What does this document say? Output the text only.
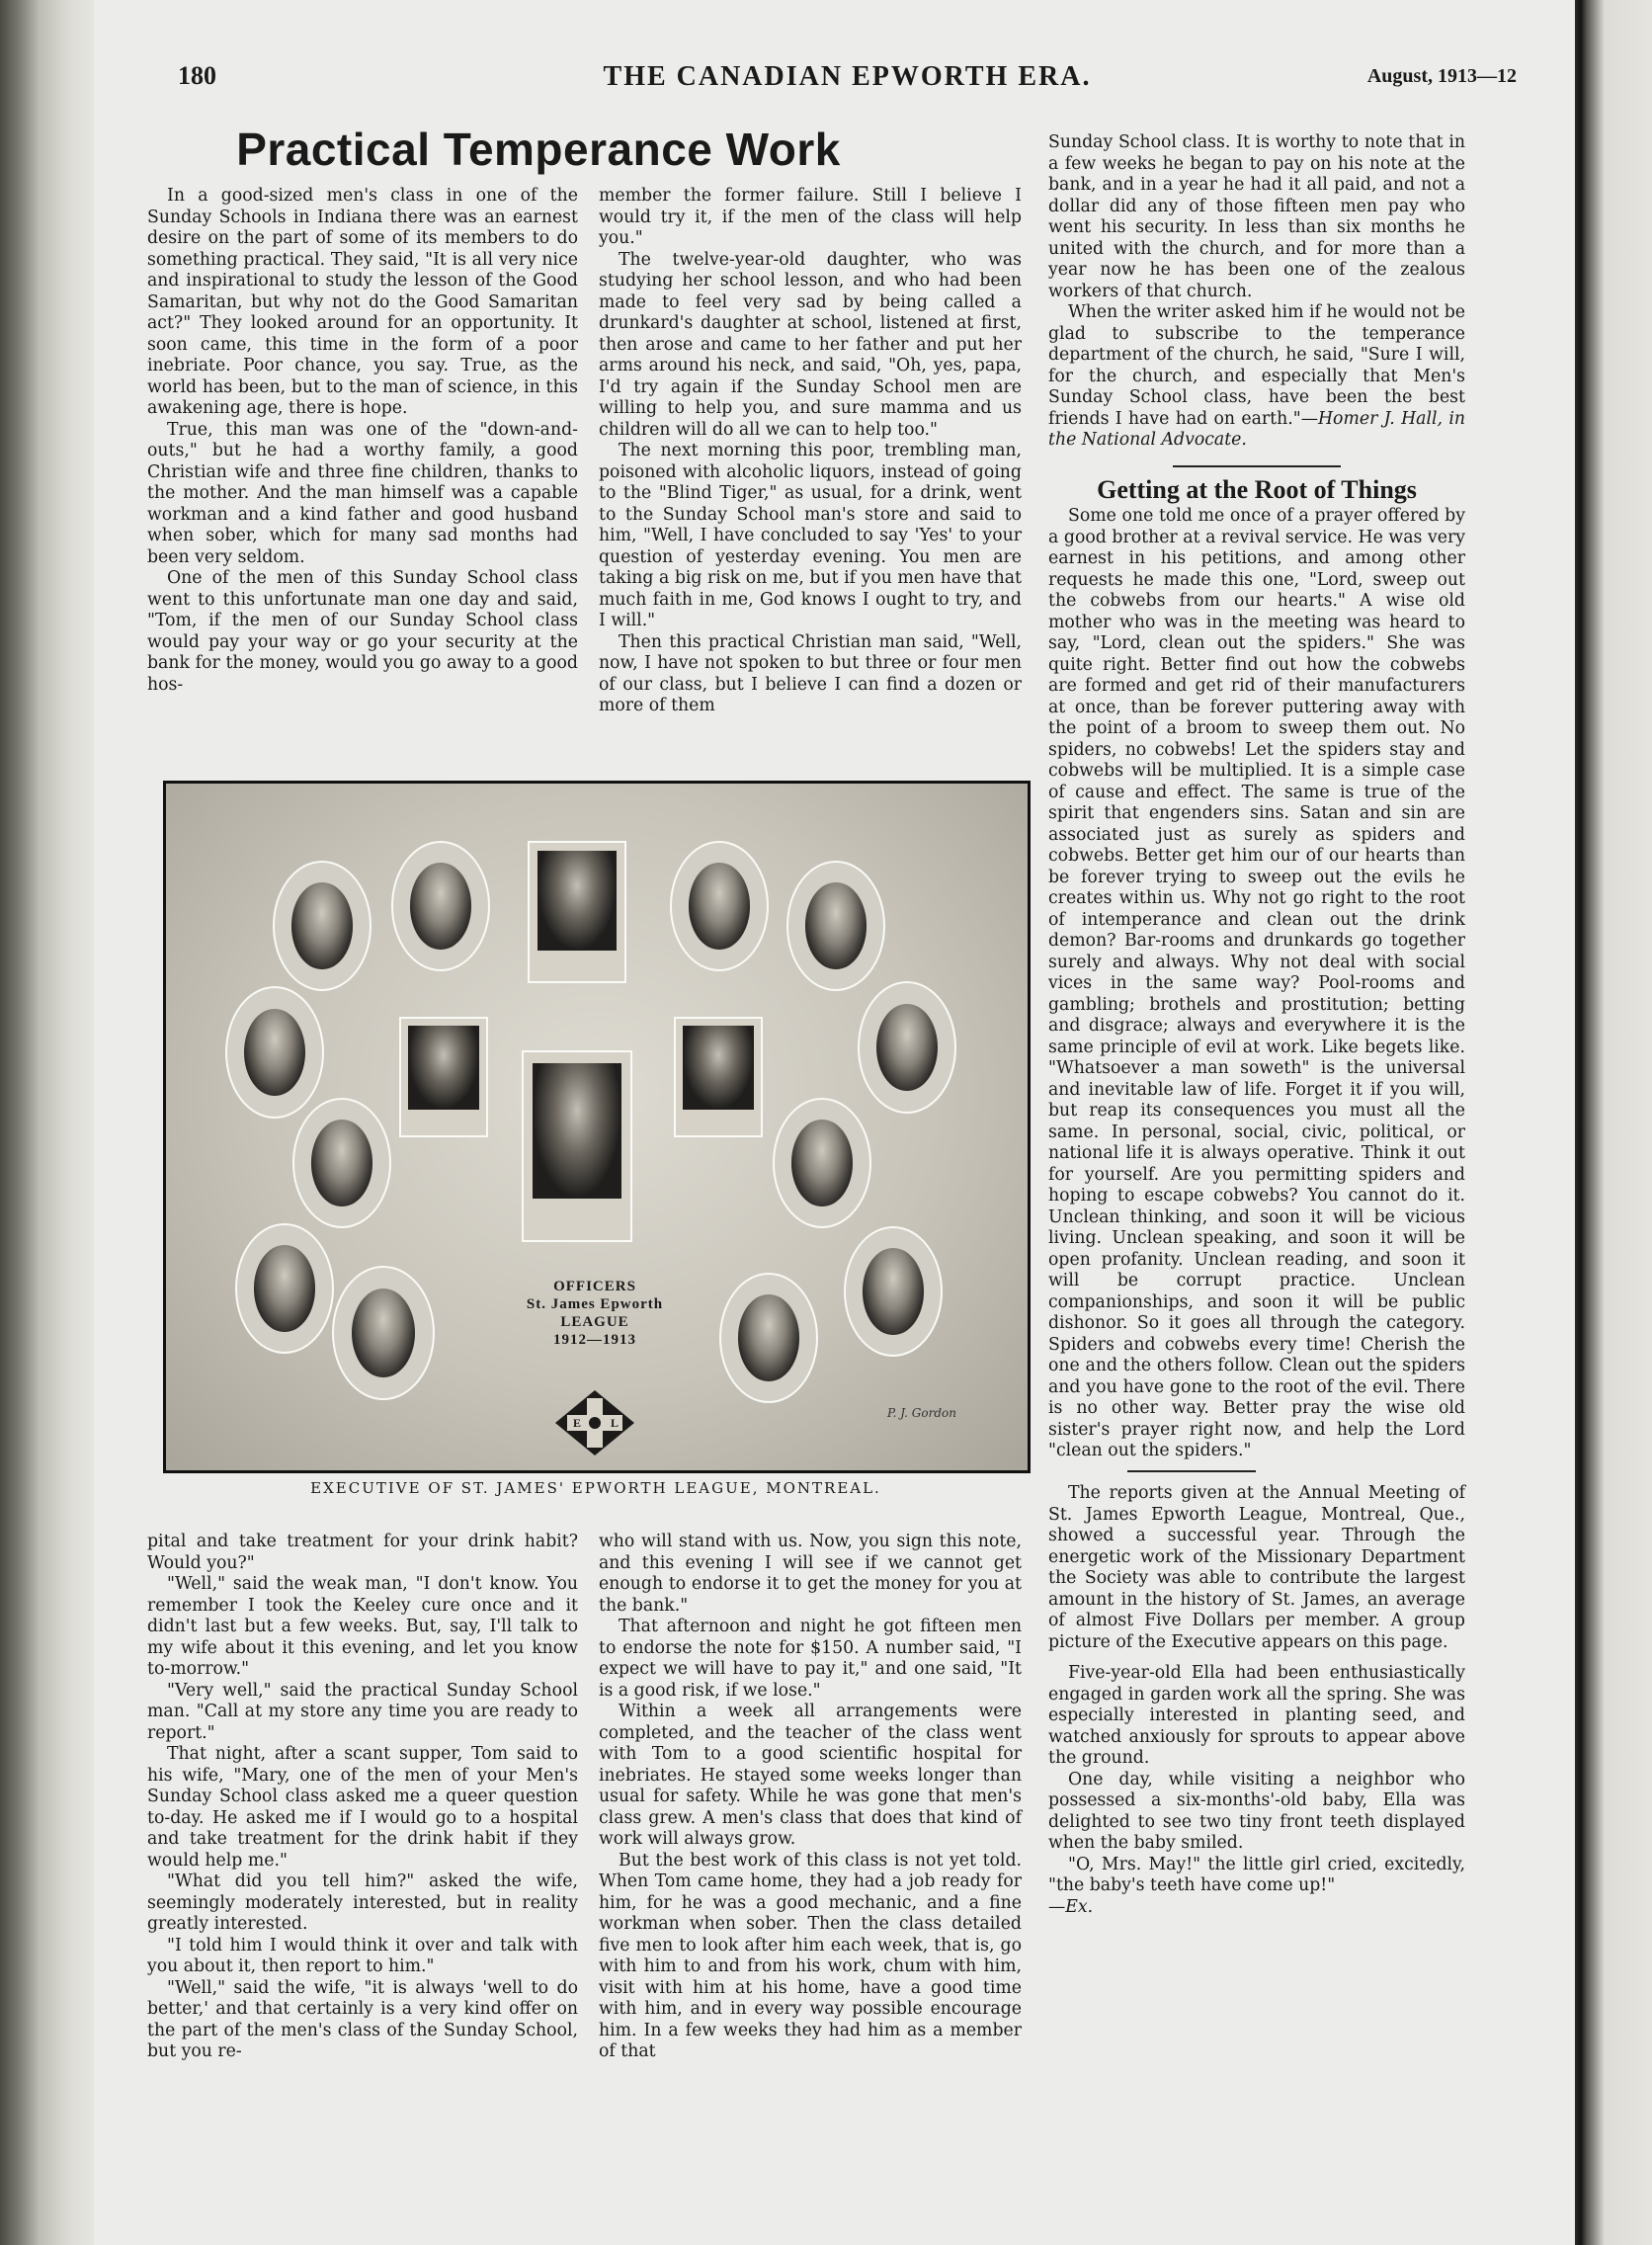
180	THE CANADIAN EPWORTH ERA.	August, 1913—12
Practical Temperance Work

In a good-sized men's class in one of the Sunday Schools in Indiana there was an earnest desire on the part of some of its members to do something practical. They said, "It is all very nice and inspirational to study the lesson of the Good Samaritan, but why not do the Good Samaritan act?" They looked around for an opportunity. It soon came, this time in the form of a poor inebriate. Poor chance, you say. True, as the world has been, but to the man of science, in this awakening age, there is hope.

True, this man was one of the "down-and-outs," but he had a worthy family, a good Christian wife and three fine children, thanks to the mother. And the man himself was a capable workman and a kind father and good husband when sober, which for many sad months had been very seldom.

One of the men of this Sunday School class went to this unfortunate man one day and said, "Tom, if the men of our Sunday School class would pay your way or go your security at the bank for the money, would you go away to a good hos-

member the former failure. Still I believe I would try it, if the men of the class will help you."

The twelve-year-old daughter, who was studying her school lesson, and who had been made to feel very sad by being called a drunkard's daughter at school, listened at first, then arose and came to her father and put her arms around his neck, and said, "Oh, yes, papa, I'd try again if the Sunday School men are willing to help you, and sure mamma and us children will do all we can to help too."

The next morning this poor, trembling man, poisoned with alcoholic liquors, instead of going to the "Blind Tiger," as usual, for a drink, went to the Sunday School man's store and said to him, "Well, I have concluded to say 'Yes' to your question of yesterday evening. You men are taking a big risk on me, but if you men have that much faith in me, God knows I ought to try, and I will."

Then this practical Christian man said, "Well, now, I have not spoken to but three or four men of our class, but I believe I can find a dozen or more of them

Sunday School class. It is worthy to note that in a few weeks he began to pay on his note at the bank, and in a year he had it all paid, and not a dollar did any of those fifteen men pay who went his security. In less than six months he united with the church, and for more than a year now he has been one of the zealous workers of that church.

When the writer asked him if he would not be glad to subscribe to the temperance department of the church, he said, "Sure I will, for the church, and especially that Men's Sunday School class, have been the best friends I have had on earth."—Homer J. Hall, in the National Advocate.

Getting at the Root of Things

Some one told me once of a prayer offered by a good brother at a revival service. He was very earnest in his petitions, and among other requests he made this one, "Lord, sweep out the cobwebs from our hearts." A wise old mother who was in the meeting was heard to say, "Lord, clean out the spiders." She was quite right. Better find out how the cobwebs are formed and get rid of their manufacturers at once, than be forever puttering away with the point of a broom to sweep them out. No spiders, no cobwebs! Let the spiders stay and cobwebs will be multiplied. It is a simple case of cause and effect. The same is true of the spirit that engenders sins. Satan and sin are associated just as surely as spiders and cobwebs. Better get him our of our hearts than be forever trying to sweep out the evils he creates within us. Why not go right to the root of intemperance and clean out the drink demon? Bar-rooms and drunkards go together surely and always. Why not deal with social vices in the same way? Pool-rooms and gambling; brothels and prostitution; betting and disgrace; always and everywhere it is the same principle of evil at work. Like begets like. "Whatsoever a man soweth" is the universal and inevitable law of life. Forget it if you will, but reap its consequences you must all the same. In personal, social, civic, political, or national life it is always operative. Think it out for yourself. Are you permitting spiders and hoping to escape cobwebs? You cannot do it. Unclean thinking, and soon it will be vicious living. Unclean speaking, and soon it will be open profanity. Unclean reading, and soon it will be corrupt practice. Unclean companionships, and soon it will be public dishonor. So it goes all through the category. Spiders and cobwebs every time! Cherish the one and the others follow. Clean out the spiders and you have gone to the root of the evil. There is no other way. Better pray the wise old sister's prayer right now, and help the Lord "clean out the spiders."

The reports given at the Annual Meeting of St. James Epworth League, Montreal, Que., showed a successful year. Through the energetic work of the Missionary Department the Society was able to contribute the largest amount in the history of St. James, an average of almost Five Dollars per member. A group picture of the Executive appears on this page.

Five-year-old Ella had been enthusiastically engaged in garden work all the spring. She was especially interested in planting seed, and watched anxiously for sprouts to appear above the ground.

One day, while visiting a neighbor who possessed a six-months'-old baby, Ella was delighted to see two tiny front teeth displayed when the baby smiled.

"O, Mrs. May!" the little girl cried, excitedly, "the baby's teeth have come up!"
—Ex.

OFFICERS
St. James Epworth
LEAGUE
1912—1913
E L
P. J. Gordon
EXECUTIVE OF ST. JAMES' EPWORTH LEAGUE, MONTREAL.

pital and take treatment for your drink habit? Would you?"

"Well," said the weak man, "I don't know. You remember I took the Keeley cure once and it didn't last but a few weeks. But, say, I'll talk to my wife about it this evening, and let you know to-morrow."

"Very well," said the practical Sunday School man. "Call at my store any time you are ready to report."

That night, after a scant supper, Tom said to his wife, "Mary, one of the men of your Men's Sunday School class asked me a queer question to-day. He asked me if I would go to a hospital and take treatment for the drink habit if they would help me."

"What did you tell him?" asked the wife, seemingly moderately interested, but in reality greatly interested.

"I told him I would think it over and talk with you about it, then report to him."

"Well," said the wife, "it is always 'well to do better,' and that certainly is a very kind offer on the part of the men's class of the Sunday School, but you re-

who will stand with us. Now, you sign this note, and this evening I will see if we cannot get enough to endorse it to get the money for you at the bank."

That afternoon and night he got fifteen men to endorse the note for $150. A number said, "I expect we will have to pay it," and one said, "It is a good risk, if we lose."

Within a week all arrangements were completed, and the teacher of the class went with Tom to a good scientific hospital for inebriates. He stayed some weeks longer than usual for safety. While he was gone that men's class grew. A men's class that does that kind of work will always grow.

But the best work of this class is not yet told. When Tom came home, they had a job ready for him, for he was a good mechanic, and a fine workman when sober. Then the class detailed five men to look after him each week, that is, go with him to and from his work, chum with him, visit with him at his home, have a good time with him, and in every way possible encourage him. In a few weeks they had him as a member of that
